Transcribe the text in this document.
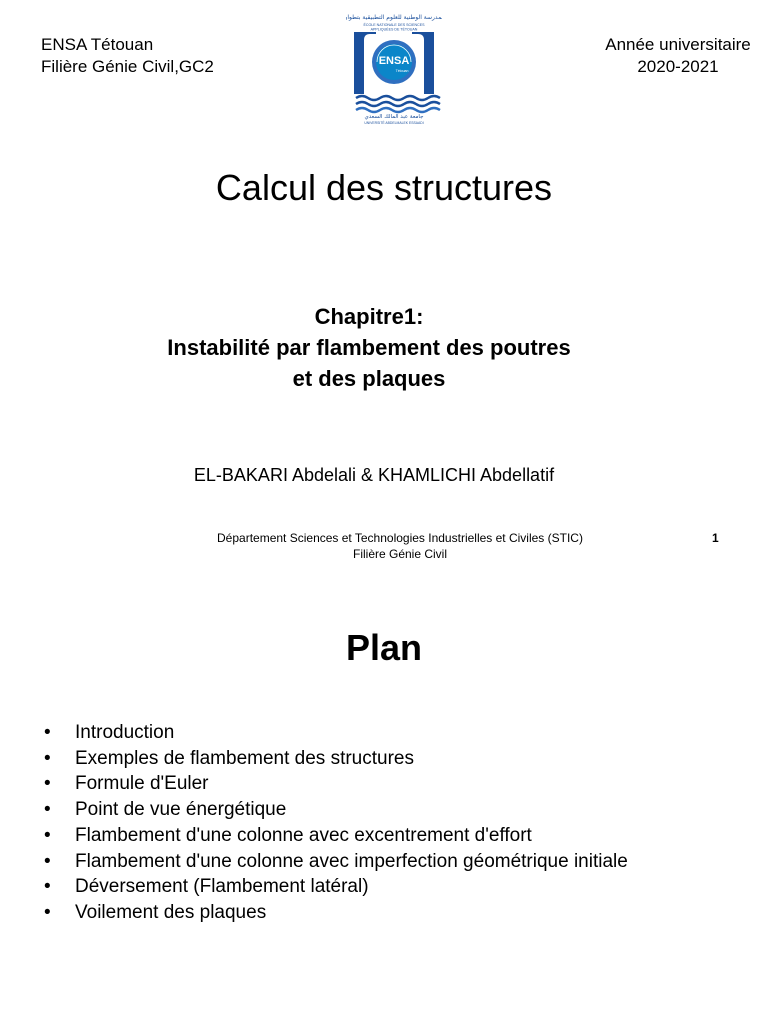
ENSA Tétouan
Filière Génie Civil,GC2
المدرسة الوطنية للعلوم التطبيقية بتطوان
ÉCOLE NATIONALE DES SCIENCES
APPLIQUÉES DE TÉTOUAN
ENSA
Tétouan
جامعة عبد المالك السعدي
UNIVERSITÉ ABDELMALEK ESSAADI
Année universitaire
2020-2021
Calcul des structures
Chapitre1:
Instabilité par flambement des poutres
et des plaques
EL-BAKARI Abdelali & KHAMLICHI Abdellatif
Département Sciences et Technologies Industrielles et Civiles (STIC)
Filière Génie Civil
1
Plan
• Introduction
• Exemples de flambement des structures
• Formule d'Euler
• Point de vue énergétique
• Flambement d'une colonne avec excentrement d'effort
• Flambement d'une colonne avec imperfection géométrique initiale
• Déversement (Flambement latéral)
• Voilement des plaques
